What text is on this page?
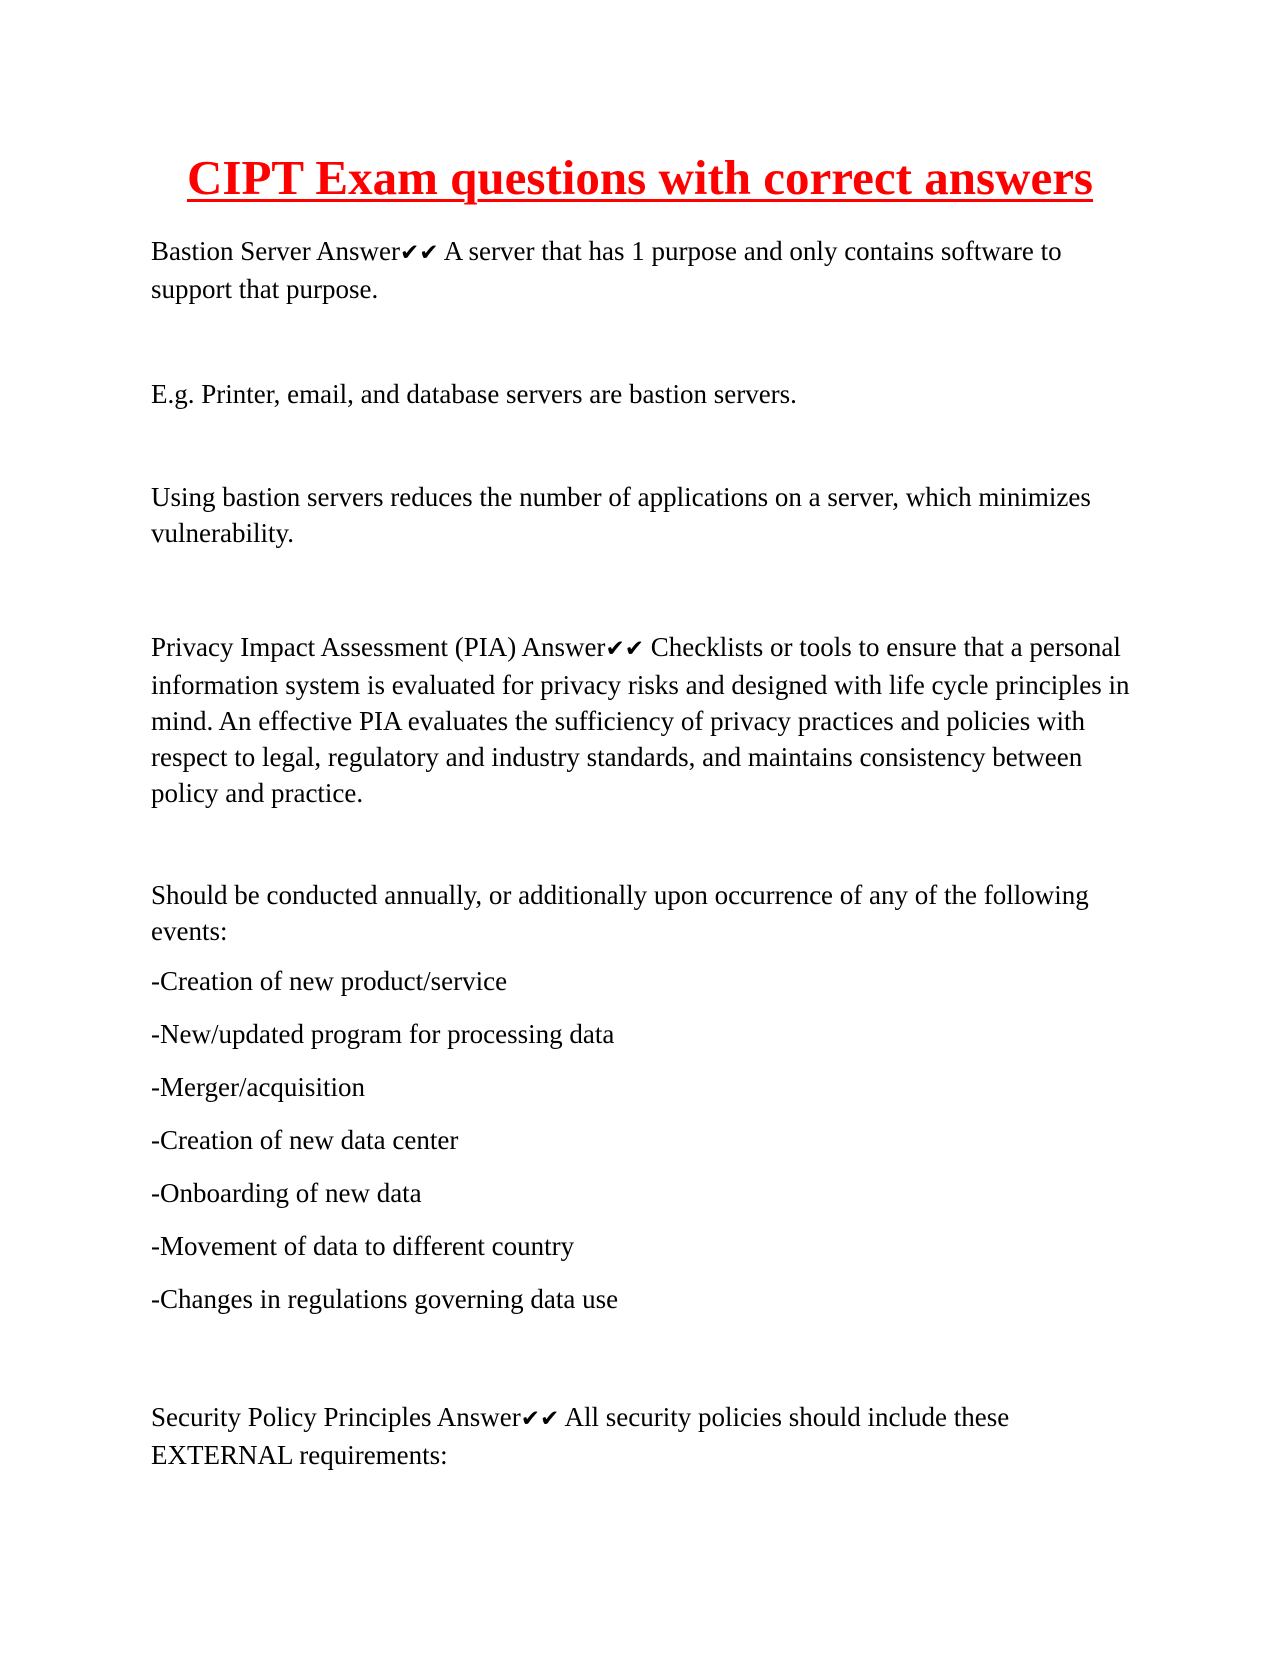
CIPT Exam questions with correct answers

Bastion Server Answer✔✔ A server that has 1 purpose and only contains software to support that purpose.

E.g. Printer, email, and database servers are bastion servers.

Using bastion servers reduces the number of applications on a server, which minimizes vulnerability.

Privacy Impact Assessment (PIA) Answer✔✔ Checklists or tools to ensure that a personal information system is evaluated for privacy risks and designed with life cycle principles in mind. An effective PIA evaluates the sufficiency of privacy practices and policies with respect to legal, regulatory and industry standards, and maintains consistency between policy and practice.

Should be conducted annually, or additionally upon occurrence of any of the following events:

-Creation of new product/service

-New/updated program for processing data

-Merger/acquisition

-Creation of new data center

-Onboarding of new data

-Movement of data to different country

-Changes in regulations governing data use

Security Policy Principles Answer✔✔ All security policies should include these EXTERNAL requirements:
